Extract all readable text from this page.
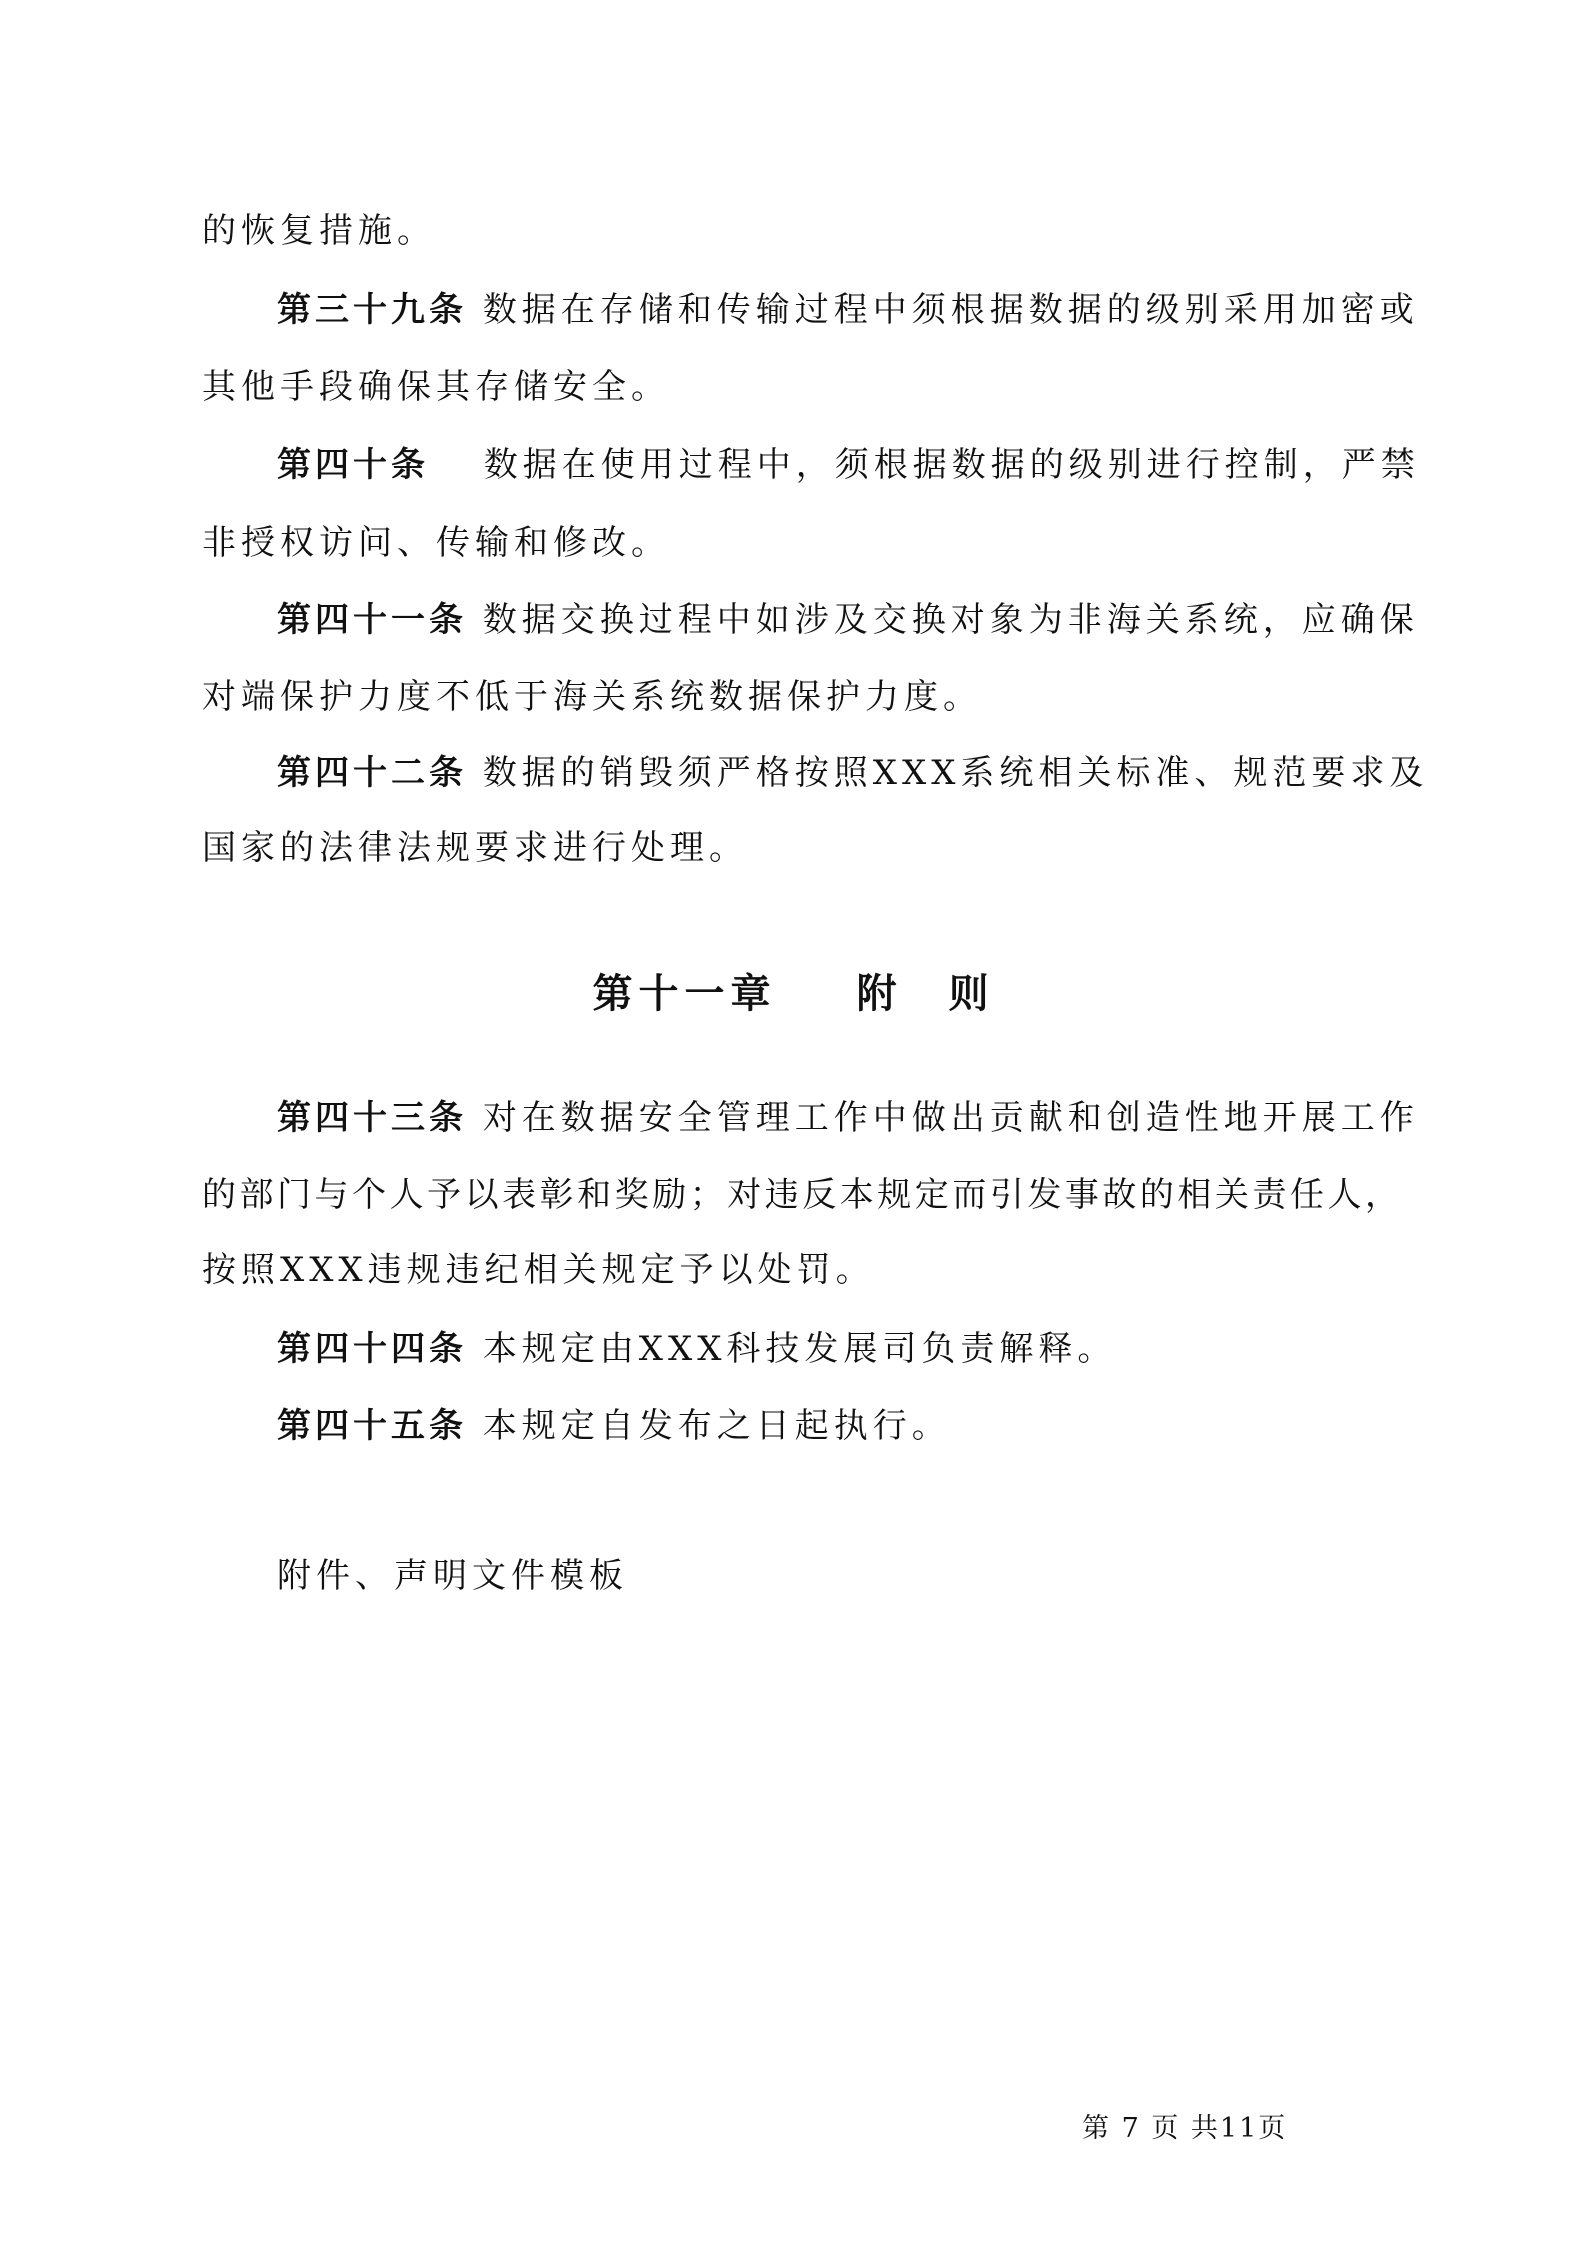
的恢复措施。
第三十九条 数据在存储和传输过程中须根据数据的级别采用加密或
其他手段确保其存储安全。
第四十条　 数据在使用过程中，须根据数据的级别进行控制，严禁
非授权访问、传输和修改。
第四十一条 数据交换过程中如涉及交换对象为非海关系统，应确保
对端保护力度不低于海关系统数据保护力度。
第四十二条 数据的销毁须严格按照XXX系统相关标准、规范要求及
国家的法律法规要求进行处理。
第十一章 附　则
第四十三条 对在数据安全管理工作中做出贡献和创造性地开展工作
的部门与个人予以表彰和奖励；对违反本规定而引发事故的相关责任人，
按照XXX违规违纪相关规定予以处罚。
第四十四条 本规定由XXX科技发展司负责解释。
第四十五条 本规定自发布之日起执行。
附件、声明文件模板
第 7 页 共11页
